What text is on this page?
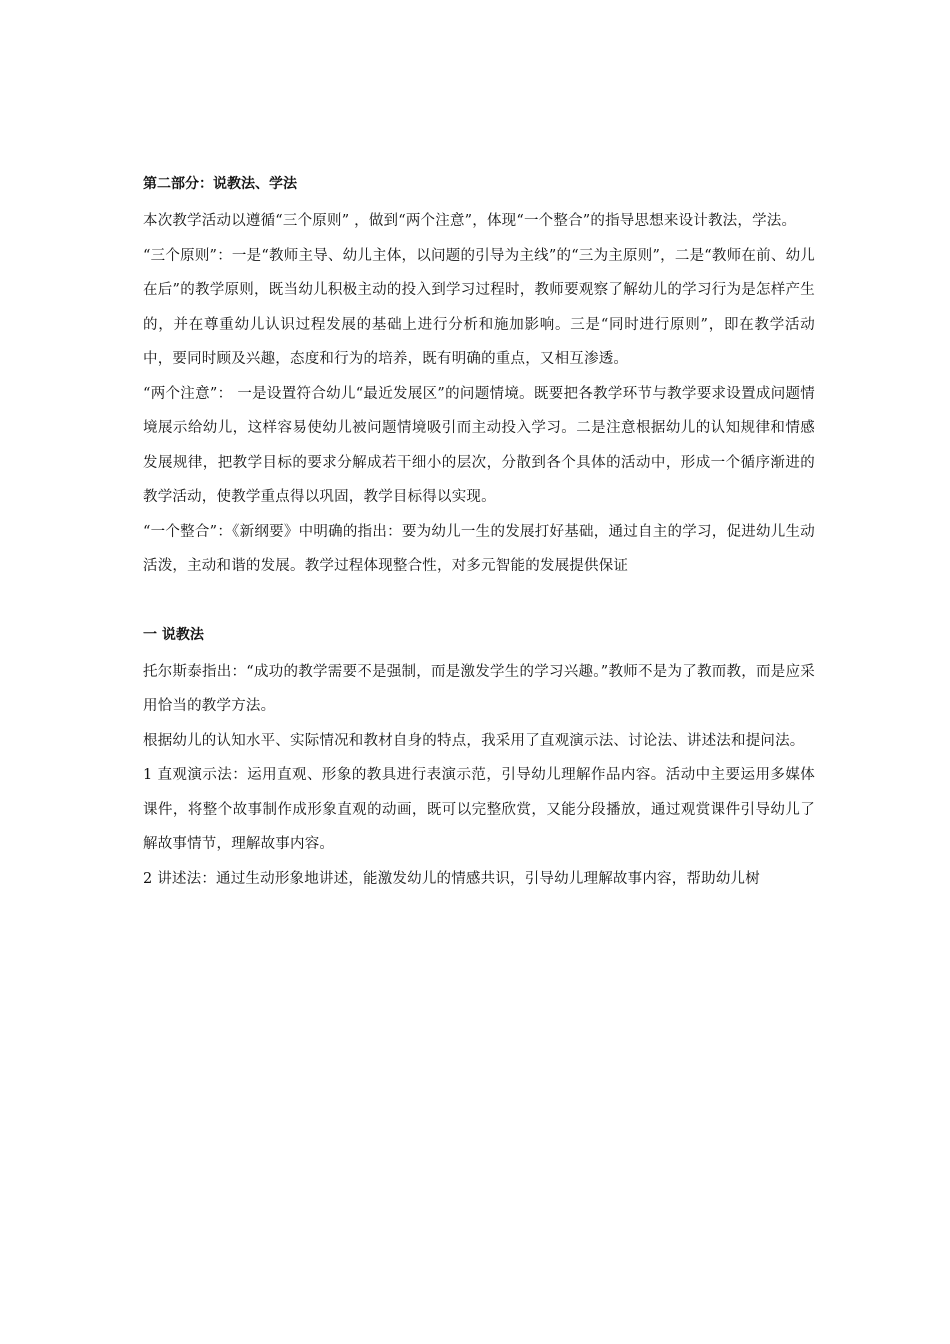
第二部分：说教法、学法

本次教学活动以遵循“三个原则” ，做到“两个注意”，体现“一个整合”的指导思想来设计教法，学法。

“三个原则”：一是“教师主导、幼儿主体，以问题的引导为主线”的“三为主原则”，二是“教师在前、幼儿在后”的教学原则，既当幼儿积极主动的投入到学习过程时，教师要观察了解幼儿的学习行为是怎样产生的，并在尊重幼儿认识过程发展的基础上进行分析和施加影响。三是“同时进行原则”，即在教学活动中，要同时顾及兴趣，态度和行为的培养，既有明确的重点，又相互渗透。

“两个注意”： 一是设置符合幼儿“最近发展区”的问题情境。既要把各教学环节与教学要求设置成问题情境展示给幼儿，这样容易使幼儿被问题情境吸引而主动投入学习。二是注意根据幼儿的认知规律和情感发展规律，把教学目标的要求分解成若干细小的层次，分散到各个具体的活动中，形成一个循序渐进的教学活动，使教学重点得以巩固，教学目标得以实现。

“一个整合”：《新纲要》中明确的指出：要为幼儿一生的发展打好基础，通过自主的学习，促进幼儿生动活泼，主动和谐的发展。教学过程体现整合性，对多元智能的发展提供保证

一 说教法

托尔斯泰指出：“成功的教学需要不是强制，而是激发学生的学习兴趣。”教师不是为了教而教，而是应采用恰当的教学方法。

根据幼儿的认知水平、实际情况和教材自身的特点，我采用了直观演示法、讨论法、讲述法和提问法。

1 直观演示法：运用直观、形象的教具进行表演示范，引导幼儿理解作品内容。活动中主要运用多媒体课件，将整个故事制作成形象直观的动画，既可以完整欣赏，又能分段播放，通过观赏课件引导幼儿了解故事情节，理解故事内容。

2 讲述法：通过生动形象地讲述，能激发幼儿的情感共识，引导幼儿理解故事内容，帮助幼儿树
